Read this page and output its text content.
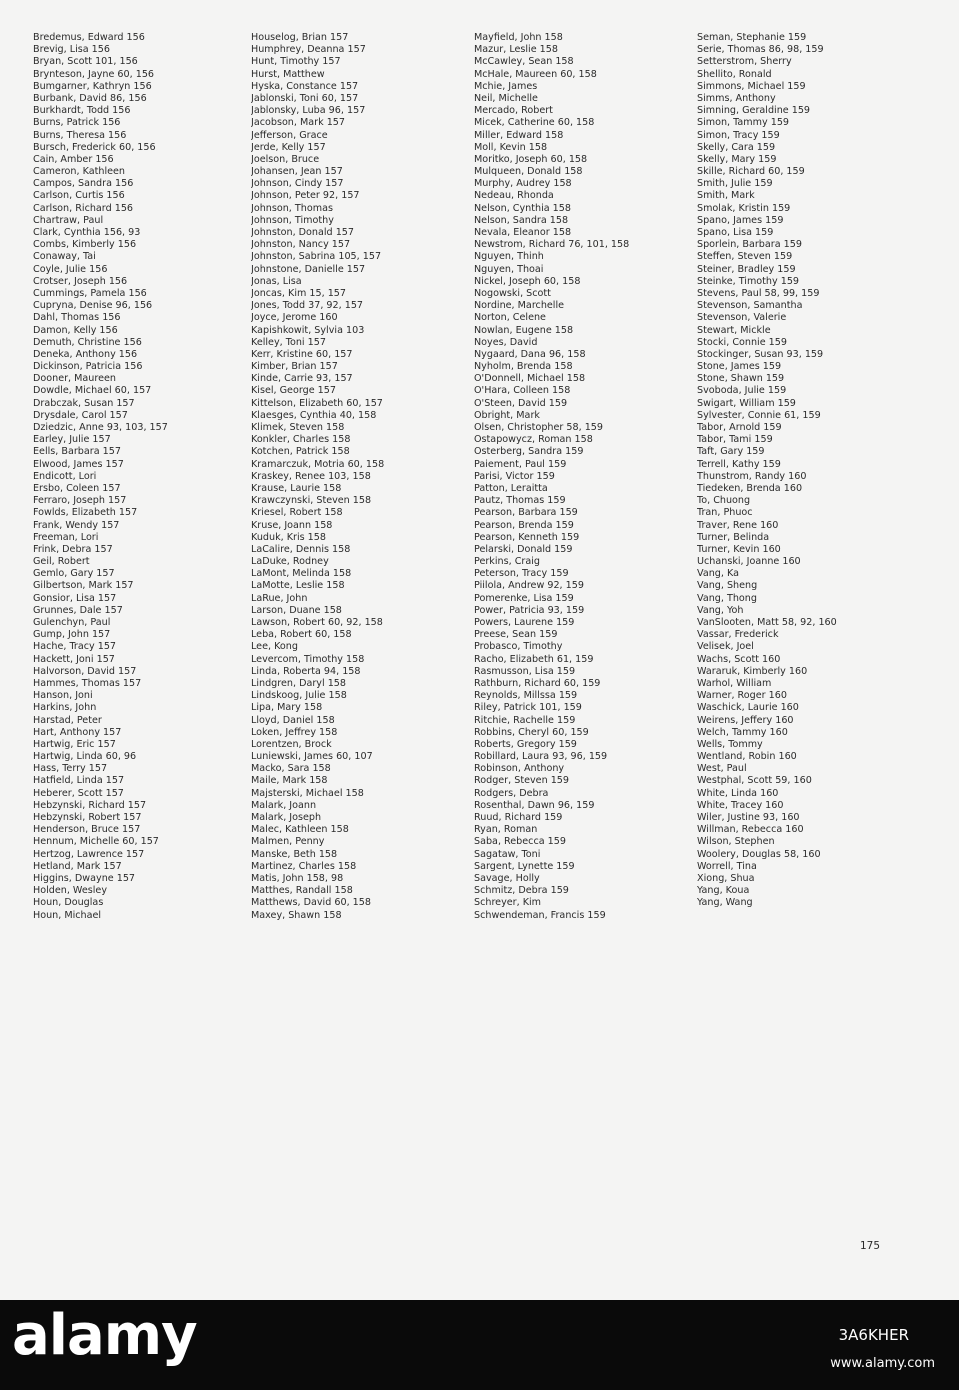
Bredemus, Edward 156
Brevig, Lisa 156
Bryan, Scott 101, 156
Brynteson, Jayne 60, 156
Bumgarner, Kathryn 156
Burbank, David 86, 156
Burkhardt, Todd 156
Burns, Patrick 156
Burns, Theresa 156
Bursch, Frederick 60, 156
Cain, Amber 156
Cameron, Kathleen
Campos, Sandra 156
Carlson, Curtis 156
Carlson, Richard 156
Chartraw, Paul
Clark, Cynthia 156, 93
Combs, Kimberly 156
Conaway, Tai
Coyle, Julie 156
Crotser, Joseph 156
Cummings, Pamela 156
Cupryna, Denise 96, 156
Dahl, Thomas 156
Damon, Kelly 156
Demuth, Christine 156
Deneka, Anthony 156
Dickinson, Patricia 156
Dooner, Maureen
Dowdle, Michael 60, 157
Drabczak, Susan 157
Drysdale, Carol 157
Dziedzic, Anne 93, 103, 157
Earley, Julie 157
Eells, Barbara 157
Elwood, James 157
Endicott, Lori
Ersbo, Coleen 157
Ferraro, Joseph 157
Fowlds, Elizabeth 157
Frank, Wendy 157
Freeman, Lori
Frink, Debra 157
Geil, Robert
Gemlo, Gary 157
Gilbertson, Mark 157
Gonsior, Lisa 157
Grunnes, Dale 157
Gulenchyn, Paul
Gump, John 157
Hache, Tracy 157
Hackett, Joni 157
Halvorson, David 157
Hammes, Thomas 157
Hanson, Joni
Harkins, John
Harstad, Peter
Hart, Anthony 157
Hartwig, Eric 157
Hartwig, Linda 60, 96
Hass, Terry 157
Hatfield, Linda 157
Heberer, Scott 157
Hebzynski, Richard 157
Hebzynski, Robert 157
Henderson, Bruce 157
Hennum, Michelle 60, 157
Hertzog, Lawrence 157
Hetland, Mark 157
Higgins, Dwayne 157
Holden, Wesley
Houn, Douglas
Houn, Michael
Houselog, Brian 157
Humphrey, Deanna 157
Hunt, Timothy 157
Hurst, Matthew
Hyska, Constance 157
Jablonski, Toni 60, 157
Jablonsky, Luba 96, 157
Jacobson, Mark 157
Jefferson, Grace
Jerde, Kelly 157
Joelson, Bruce
Johansen, Jean 157
Johnson, Cindy 157
Johnson, Peter 92, 157
Johnson, Thomas
Johnson, Timothy
Johnston, Donald 157
Johnston, Nancy 157
Johnston, Sabrina 105, 157
Johnstone, Danielle 157
Jonas, Lisa
Joncas, Kim 15, 157
Jones, Todd 37, 92, 157
Joyce, Jerome 160
Kapishkowit, Sylvia 103
Kelley, Toni 157
Kerr, Kristine 60, 157
Kimber, Brian 157
Kinde, Carrie 93, 157
Kisel, George 157
Kittelson, Elizabeth 60, 157
Klaesges, Cynthia 40, 158
Klimek, Steven 158
Konkler, Charles 158
Kotchen, Patrick 158
Kramarczuk, Motria 60, 158
Kraskey, Renee 103, 158
Krause, Laurie 158
Krawczynski, Steven 158
Kriesel, Robert 158
Kruse, Joann 158
Kuduk, Kris 158
LaCalire, Dennis 158
LaDuke, Rodney
LaMont, Melinda 158
LaMotte, Leslie 158
LaRue, John
Larson, Duane 158
Lawson, Robert 60, 92, 158
Leba, Robert 60, 158
Lee, Kong
Levercom, Timothy 158
Linda, Roberta 94, 158
Lindgren, Daryl 158
Lindskoog, Julie 158
Lipa, Mary 158
Lloyd, Daniel 158
Loken, Jeffrey 158
Lorentzen, Brock
Luniewski, James 60, 107
Macko, Sara 158
Maile, Mark 158
Majsterski, Michael 158
Malark, Joann
Malark, Joseph
Malec, Kathleen 158
Malmen, Penny
Manske, Beth 158
Martinez, Charles 158
Matis, John 158, 98
Matthes, Randall 158
Matthews, David 60, 158
Maxey, Shawn 158
Mayfield, John 158
Mazur, Leslie 158
McCawley, Sean 158
McHale, Maureen 60, 158
Mchie, James
Neil, Michelle
Mercado, Robert
Micek, Catherine 60, 158
Miller, Edward 158
Moll, Kevin 158
Moritko, Joseph 60, 158
Mulqueen, Donald 158
Murphy, Audrey 158
Nedeau, Rhonda
Nelson, Cynthia 158
Nelson, Sandra 158
Nevala, Eleanor 158
Newstrom, Richard 76, 101, 158
Nguyen, Thinh
Nguyen, Thoai
Nickel, Joseph 60, 158
Nogowski, Scott
Nordine, Marchelle
Norton, Celene
Nowlan, Eugene 158
Noyes, David
Nygaard, Dana 96, 158
Nyholm, Brenda 158
O'Donnell, Michael 158
O'Hara, Colleen 158
O'Steen, David 159
Obright, Mark
Olsen, Christopher 58, 159
Ostapowycz, Roman 158
Osterberg, Sandra 159
Paiement, Paul 159
Parisi, Victor 159
Patton, Leraitta
Pautz, Thomas 159
Pearson, Barbara 159
Pearson, Brenda 159
Pearson, Kenneth 159
Pelarski, Donald 159
Perkins, Craig
Peterson, Tracy 159
Piilola, Andrew 92, 159
Pomerenke, Lisa 159
Power, Patricia 93, 159
Powers, Laurene 159
Preese, Sean 159
Probasco, Timothy
Racho, Elizabeth 61, 159
Rasmusson, Lisa 159
Rathburn, Richard 60, 159
Reynolds, Millssa 159
Riley, Patrick 101, 159
Ritchie, Rachelle 159
Robbins, Cheryl 60, 159
Roberts, Gregory 159
Robillard, Laura 93, 96, 159
Robinson, Anthony
Rodger, Steven 159
Rodgers, Debra
Rosenthal, Dawn 96, 159
Ruud, Richard 159
Ryan, Roman
Saba, Rebecca 159
Sagataw, Toni
Sargent, Lynette 159
Savage, Holly
Schmitz, Debra 159
Schreyer, Kim
Schwendeman, Francis 159
Seman, Stephanie 159
Serie, Thomas 86, 98, 159
Setterstrom, Sherry
Shellito, Ronald
Simmons, Michael 159
Simms, Anthony
Simning, Geraldine 159
Simon, Tammy 159
Simon, Tracy 159
Skelly, Cara 159
Skelly, Mary 159
Skille, Richard 60, 159
Smith, Julie 159
Smith, Mark
Smolak, Kristin 159
Spano, James 159
Spano, Lisa 159
Sporlein, Barbara 159
Steffen, Steven 159
Steiner, Bradley 159
Steinke, Timothy 159
Stevens, Paul 58, 99, 159
Stevenson, Samantha
Stevenson, Valerie
Stewart, Mickle
Stocki, Connie 159
Stockinger, Susan 93, 159
Stone, James 159
Stone, Shawn 159
Svoboda, Julie 159
Swigart, William 159
Sylvester, Connie 61, 159
Tabor, Arnold 159
Tabor, Tami 159
Taft, Gary 159
Terrell, Kathy 159
Thunstrom, Randy 160
Tiedeken, Brenda 160
To, Chuong
Tran, Phuoc
Traver, Rene 160
Turner, Belinda
Turner, Kevin 160
Uchanski, Joanne 160
Vang, Ka
Vang, Sheng
Vang, Thong
Vang, Yoh
VanSlooten, Matt 58, 92, 160
Vassar, Frederick
Velisek, Joel
Wachs, Scott 160
Wararuk, Kimberly 160
Warhol, William
Warner, Roger 160
Waschick, Laurie 160
Weirens, Jeffery 160
Welch, Tammy 160
Wells, Tommy
Wentland, Robin 160
West, Paul
Westphal, Scott 59, 160
White, Linda 160
White, Tracey 160
Wiler, Justine 93, 160
Willman, Rebecca 160
Wilson, Stephen
Woolery, Douglas 58, 160
Worrell, Tina
Xiong, Shua
Yang, Koua
Yang, Wang
175
alamy	3A6KHER
www.alamy.com
